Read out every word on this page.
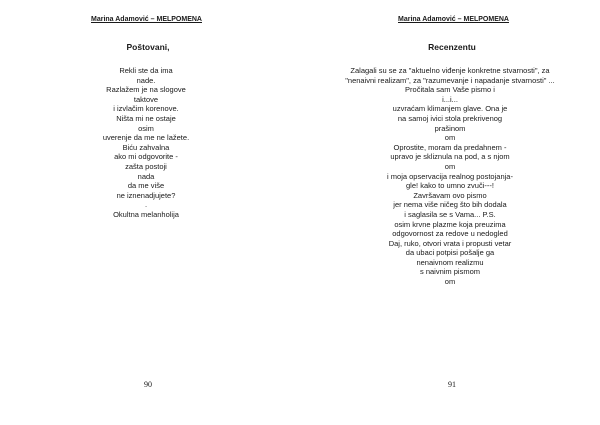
Marina Adamović – MELPOMENA
Poštovani,
Rekli ste da ima
nade.
Razlažem je na slogove
taktove
i izvlačim korenove.
Ništa mi ne ostaje
osim
uverenje da me ne lažete.
Biću zahvalna
ako mi odgovorite -
zašta postoji
nada
da me više
ne iznenadjujete?
.
Okultna melanholija
90
Marina Adamović – MELPOMENA
Recenzentu
Zalagali su se za "aktuelno viđenje konkretne stvarnosti", za
"nenaivni realizam", za "razumevanje i napadanje stvarnosti" ...
Pročitala sam Vaše pismo i
i...i...
uzvraćam klimanjem glave. Ona je
na samoj ivici stola prekrivenog
prašinom
om
Oprostite, moram da predahnem -
upravo je skliznula na pod, a s njom
om
i moja opservacija realnog postojanja-
gle! kako to umno zvuči---!
Završavam ovo pismo
jer nema više ničeg što bih dodala
i saglasila se s Vama... P.S.
osim krvne plazme koja preuzima
odgovornost za redove u nedogled
Daj, ruko, otvori vrata i propusti vetar
da ubaci potpisi pošalje ga
nenaivnom realizmu
s naivnim pismom
om
91
